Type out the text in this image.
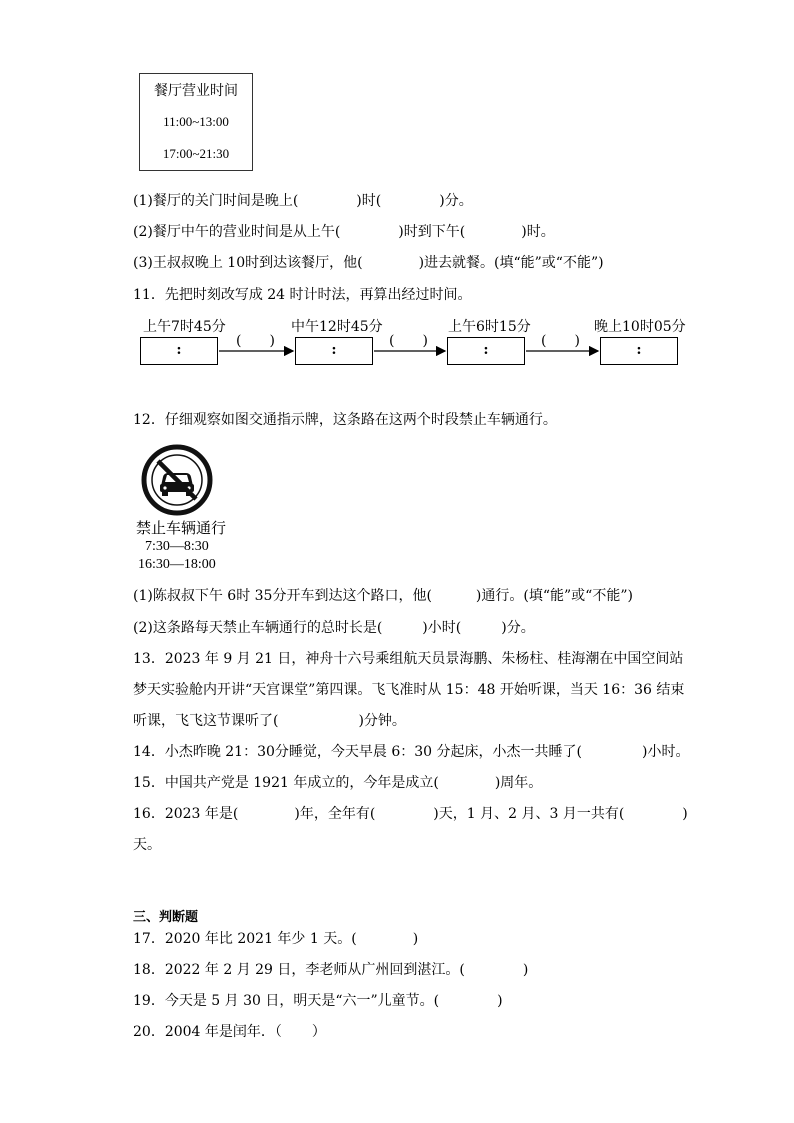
餐厅营业时间
11:00~13:00
17:00~21:30
(1)餐厅的关门时间是晚上(	)时(	)分。
(2)餐厅中午的营业时间是从上午(	)时到下午(	)时。
(3)王叔叔晚上 10时到达该餐厅，他(	)进去就餐。(填“能”或“不能”)
11．先把时刻改写成 24 时计时法，再算出经过时间。
上午7时45分	中午12时45分	上午6时15分	晚上10时05分
:	:	:	:
(　　)	(　　)	(　　)
12．仔细观察如图交通指示牌，这条路在这两个时段禁止车辆通行。
禁止车辆通行
7:30—8:30
16:30—18:00
(1)陈叔叔下午 6时 35分开车到达这个路口，他(	)通行。(填“能”或“不能”)
(2)这条路每天禁止车辆通行的总时长是(	)小时(	)分。
13．2023 年 9 月 21 日，神舟十六号乘组航天员景海鹏、朱杨柱、桂海潮在中国空间站
梦天实验舱内开讲“天宫课堂”第四课。飞飞准时从 15：48 开始听课，当天 16：36 结束
听课，飞飞这节课听了(	)分钟。
14．小杰昨晚 21：30分睡觉，今天早晨 6：30 分起床，小杰一共睡了(	)小时。
15．中国共产党是 1921 年成立的，今年是成立(	)周年。
16．2023 年是(	)年，全年有(	)天，1 月、2 月、3 月一共有(	)
天。
三、判断题
17．2020 年比 2021 年少 1 天。(	)
18．2022 年 2 月 29 日，李老师从广州回到湛江。(	)
19．今天是 5 月 30 日，明天是“六一”儿童节。(	)
20．2004 年是闰年．（ ）
